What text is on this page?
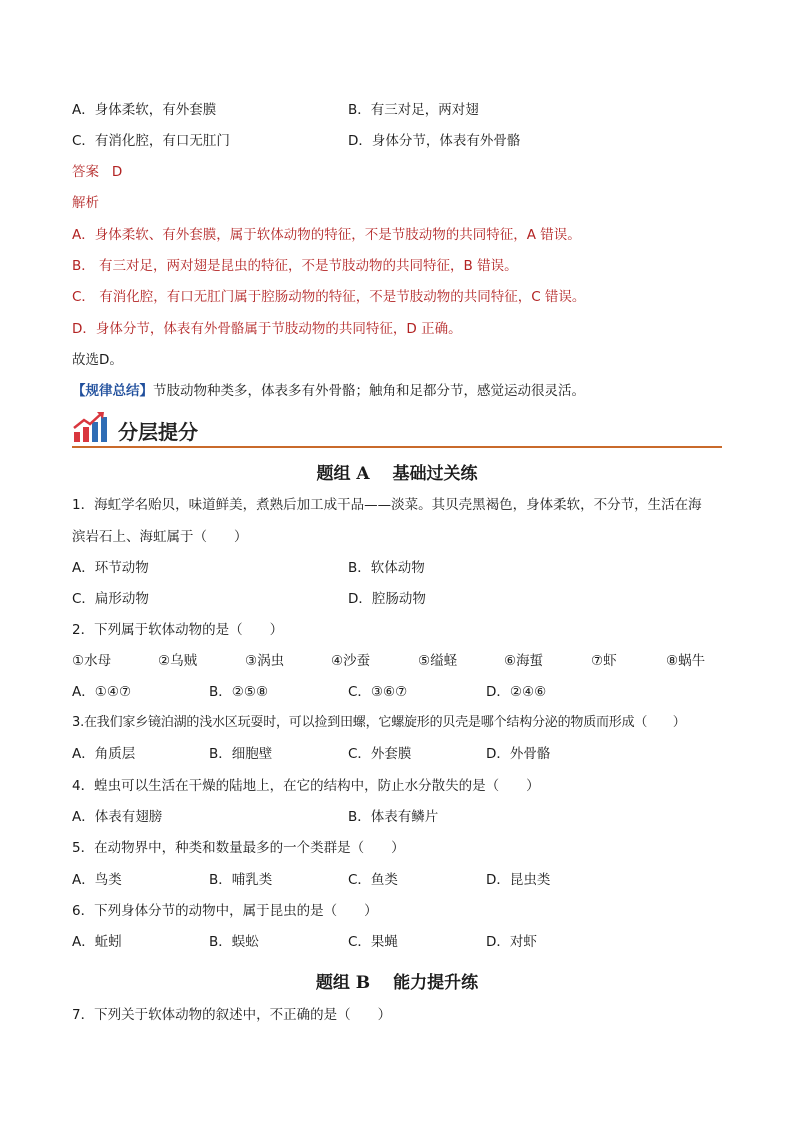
A．身体柔软，有外套膜	B．有三对足，两对翅
C．有消化腔，有口无肛门	D．身体分节，体表有外骨骼
答案 D
解析
A．身体柔软、有外套膜，属于软体动物的特征，不是节肢动物的共同特征，A 错误。
B． 有三对足，两对翅是昆虫的特征，不是节肢动物的共同特征，B 错误。
C． 有消化腔，有口无肛门属于腔肠动物的特征，不是节肢动物的共同特征，C 错误。
D．身体分节，体表有外骨骼属于节肢动物的共同特征，D 正确。
故选D。
【规律总结】节肢动物种类多，体表多有外骨骼；触角和足都分节，感觉运动很灵活。
分层提分
题组 A　 基础过关练
1．海虹学名贻贝，味道鲜美，煮熟后加工成干品——淡菜。其贝壳黑褐色，身体柔软，不分节，生活在海
滨岩石上、海虹属于（　　）
A．环节动物	B．软体动物
C．扁形动物	D．腔肠动物
2．下列属于软体动物的是（　　）
①水母	②乌贼	③涡虫	④沙蚕	⑤缢蛏	⑥海蜇	⑦虾	⑧蜗牛
A．①④⑦	B．②⑤⑧	C．③⑥⑦	D．②④⑥
3.在我们家乡镜泊湖的浅水区玩耍时，可以捡到田螺，它螺旋形的贝壳是哪个结构分泌的物质而形成（　　）
A．角质层	B．细胞壁	C．外套膜	D．外骨骼
4．蝗虫可以生活在干燥的陆地上，在它的结构中，防止水分散失的是（　　）
A．体表有翅膀	B．体表有鳞片
5．在动物界中，种类和数量最多的一个类群是（　　）
A．鸟类	B．哺乳类	C．鱼类	D．昆虫类
6．下列身体分节的动物中，属于昆虫的是（　　）
A．蚯蚓	B．蜈蚣	C．果蝇	D．对虾
题组 B　 能力提升练
7．下列关于软体动物的叙述中，不正确的是（　　）
